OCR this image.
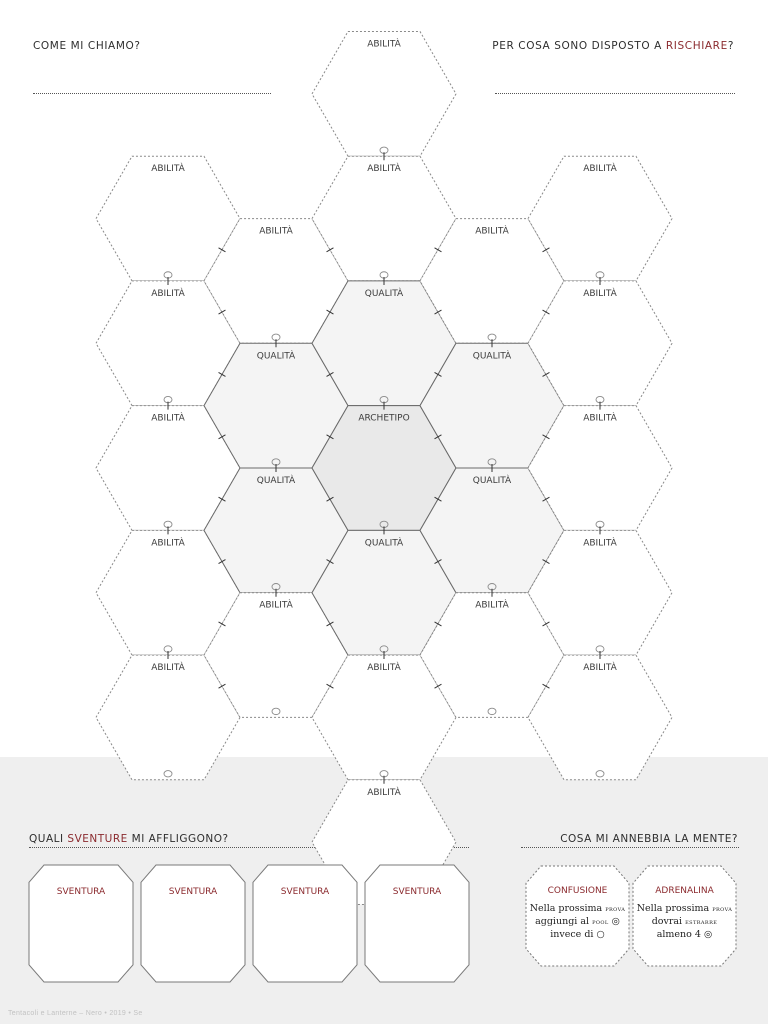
COME MI CHIAMO?	PER COSA SONO DISPOSTO A RISCHIARE?
QUALI SVENTURE MI AFFLIGGONO?	COSA MI ANNEBBIA LA MENTE?
ABILITÀ
ABILITÀ
ABILITÀ
ABILITÀ
ABILITÀ
ABILITÀ
QUALITÀ
QUALITÀ
ABILITÀ
ABILITÀ
ABILITÀ
QUALITÀ
ARCHETIPO
QUALITÀ
ABILITÀ
ABILITÀ
ABILITÀ
QUALITÀ
QUALITÀ
ABILITÀ
ABILITÀ
ABILITÀ
ABILITÀ
ABILITÀ
ABILITÀ
SVENTURA	SVENTURA	SVENTURA	SVENTURA	CONFUSIONE
Nella prossima prova
aggiungi al pool ◎
invece di ○
ADRENALINA
Nella prossima prova
dovrai estrarre
almeno 4 ◎
Tentacoli e Lanterne – Nero • 2019 • Se
